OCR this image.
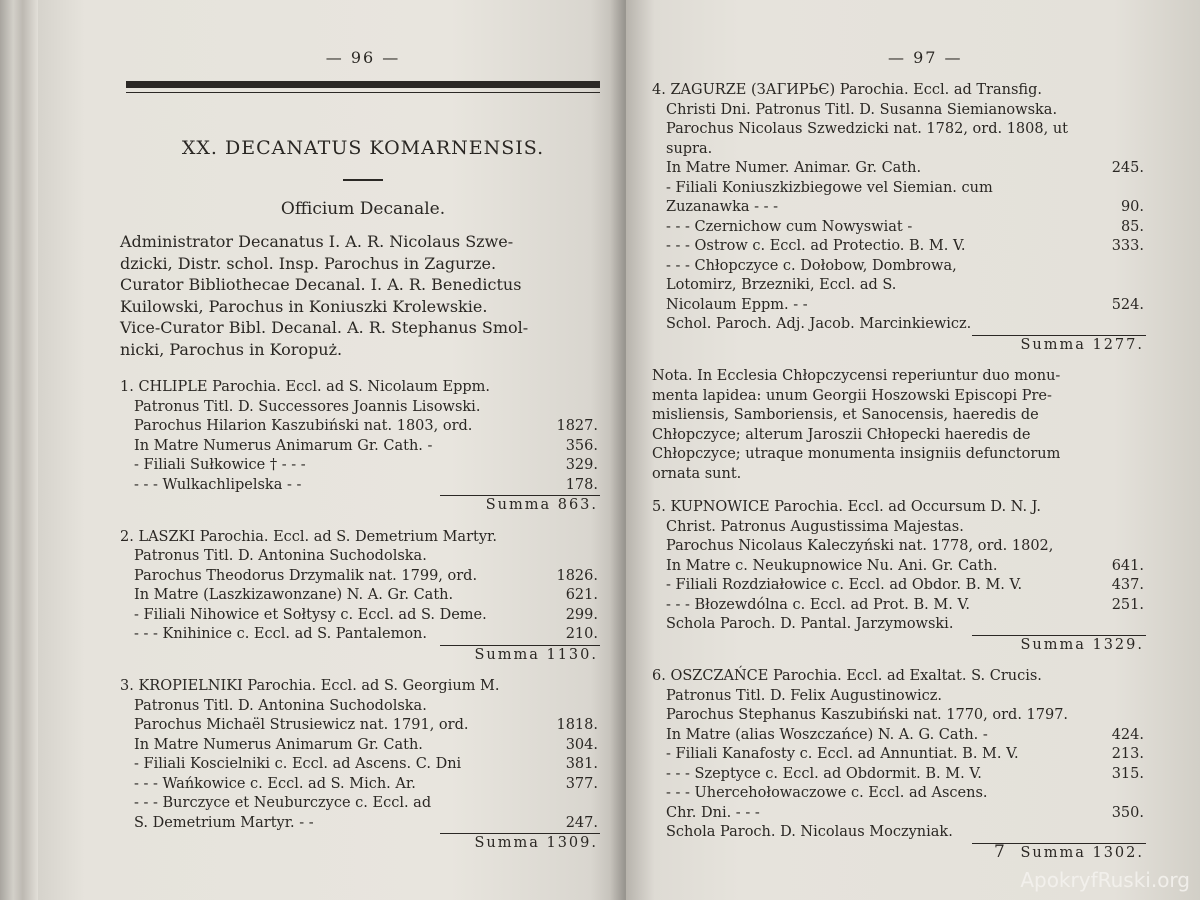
— 96 —
XX. DECANATUS KOMARNENSIS.
Officium Decanale.
Administrator Decanatus I. A. R. Nicolaus Szwe-
dzicki, Distr. schol. Insp. Parochus in Zagurze.
Curator Bibliothecae Decanal. I. A. R. Benedictus
Kuilowski, Parochus in Koniuszki Krolewskie.
Vice-Curator Bibl. Decanal. A. R. Stephanus Smol-
nicki, Parochus in Koropuż.
1. CHLIPLE Parochia. Eccl. ad S. Nicolaum Eppm.
Patronus Titl. D. Successores Joannis Lisowski.
Parochus Hilarion Kaszubiński nat. 1803, ord.	1827.
In Matre Numerus Animarum Gr. Cath. -	356.
- Filiali Sułkowice † - - -	329.
- - - Wulkachlipelska - -	178.
Summa 863.
2. LASZKI Parochia. Eccl. ad S. Demetrium Martyr.
Patronus Titl. D. Antonina Suchodolska.
Parochus Theodorus Drzymalik nat. 1799, ord.	1826.
In Matre (Laszkizawonzane) N. A. Gr. Cath.	621.
- Filiali Nihowice et Sołtysy c. Eccl. ad S. Deme.	299.
- - - Knihinice c. Eccl. ad S. Pantalemon.	210.
Summa 1130.
3. KROPIELNIKI Parochia. Eccl. ad S. Georgium M.
Patronus Titl. D. Antonina Suchodolska.
Parochus Michaël Strusiewicz nat. 1791, ord.	1818.
In Matre Numerus Animarum Gr. Cath.	304.
- Filiali Koscielniki c. Eccl. ad Ascens. C. Dni	381.
- - - Wańkowice c. Eccl. ad S. Mich. Ar.	377.
- - - Burczyce et Neuburczyce c. Eccl. ad
S. Demetrium Martyr. - -	247.
Summa 1309.
— 97 —
4. ZAGURZE (ЗАГИРЬЄ) Parochia. Eccl. ad Transfig.
Christi Dni. Patronus Titl. D. Susanna Siemianowska.
Parochus Nicolaus Szwedzicki nat. 1782, ord. 1808, ut
supra.
In Matre Numer. Animar. Gr. Cath.	245.
- Filiali Koniuszkizbiegowe vel Siemian. cum
Zuzanawka - - -	90.
- - - Czernichow cum Nowyswiat -	85.
- - - Ostrow c. Eccl. ad Protectio. B. M. V.	333.
- - - Chłopczyce c. Dołobow, Dombrowa,
Lotomirz, Brzezniki, Eccl. ad S.
Nicolaum Eppm. - -	524.
Schol. Paroch. Adj. Jacob. Marcinkiewicz.
Summa 1277.
Nota. In Ecclesia Chłopczycensi reperiuntur duo monu-
menta lapidea: unum Georgii Hoszowski Episcopi Pre-
misliensis, Samboriensis, et Sanocensis, haeredis de
Chłopczyce; alterum Jaroszii Chłopecki haeredis de
Chłopczyce; utraque monumenta insigniis defunctorum
ornata sunt.
5. KUPNOWICE Parochia. Eccl. ad Occursum D. N. J.
Christ. Patronus Augustissima Majestas.
Parochus Nicolaus Kaleczyński nat. 1778, ord. 1802,
In Matre c. Neukupnowice Nu. Ani. Gr. Cath.	641.
- Filiali Rozdziałowice c. Eccl. ad Obdor. B. M. V.	437.
- - - Błozewdólna c. Eccl. ad Prot. B. M. V.	251.
Schola Paroch. D. Pantal. Jarzymowski.
Summa 1329.
6. OSZCZAŃCE Parochia. Eccl. ad Exaltat. S. Crucis.
Patronus Titl. D. Felix Augustinowicz.
Parochus Stephanus Kaszubiński nat. 1770, ord. 1797.
In Matre (alias Woszczańce) N. A. G. Cath. -	424.
- Filiali Kanafosty c. Eccl. ad Annuntiat. B. M. V.	213.
- - - Szeptyce c. Eccl. ad Obdormit. B. M. V.	315.
- - - Uhercehołowaczowe c. Eccl. ad Ascens.
Chr. Dni. - - -	350.
Schola Paroch. D. Nicolaus Moczyniak.
Summa 1302.
7
ApokryfRuski.org
